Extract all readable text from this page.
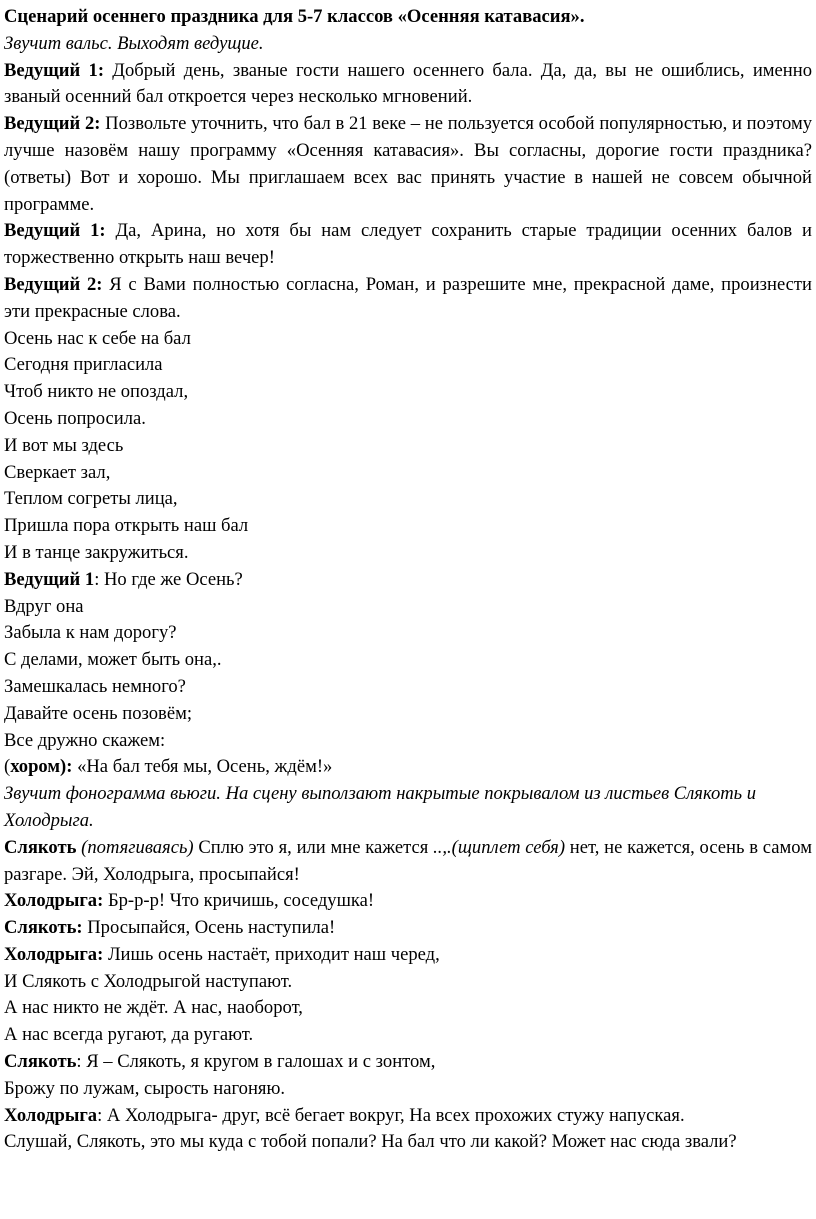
Сценарий осеннего праздника для 5-7 классов «Осенняя катавасия».

Звучит вальс. Выходят ведущие.

Ведущий 1: Добрый день, званые гости нашего осеннего бала. Да, да, вы не ошиблись, именно званый осенний бал откроется через несколько мгновений.

Ведущий 2: Позвольте уточнить, что бал в 21 веке – не пользуется особой популярностью, и поэтому лучше назовём нашу программу «Осенняя катавасия». Вы согласны, дорогие гости праздника? (ответы) Вот и хорошо. Мы приглашаем всех вас принять участие в нашей не совсем обычной программе.

Ведущий 1: Да, Арина, но хотя бы нам следует сохранить старые традиции осенних балов и торжественно открыть наш вечер!

Ведущий 2: Я с Вами полностью согласна, Роман, и разрешите мне, прекрасной даме, произнести эти прекрасные слова.

Осень нас к себе на бал

Сегодня пригласила

Чтоб никто не опоздал,

Осень попросила.

И вот мы здесь

Сверкает зал,

Теплом согреты лица,

Пришла пора открыть наш бал

И в танце закружиться.

Ведущий 1: Но где же Осень?

Вдруг она

Забыла к нам дорогу?

С делами, может быть она,.

Замешкалась немного?

Давайте осень позовём;

Все дружно скажем:

(хором): «На бал тебя мы, Осень, ждём!»

Звучит фонограмма вьюги. На сцену выползают накрытые покрывалом из листьев Слякоть и Холодрыга.

Слякоть (потягиваясь) Сплю это я, или мне кажется ..,.(щиплет себя) нет, не кажется, осень в самом разгаре. Эй, Холодрыга, просыпайся!

Холодрыга: Бр-р-р! Что кричишь, соседушка!

Слякоть: Просыпайся, Осень наступила!

Холодрыга: Лишь осень настаёт, приходит наш черед,

И Слякоть с Холодрыгой наступают.

А нас никто не ждёт. А нас, наоборот,

А нас всегда ругают, да ругают.

Слякоть: Я – Слякоть, я кругом в галошах и с зонтом,

Брожу по лужам, сырость нагоняю.

Холодрыга: А Холодрыга- друг, всё бегает вокруг, На всех прохожих стужу напуская.

Слушай, Слякоть, это мы куда с тобой попали? На бал что ли какой? Может нас сюда звали?
